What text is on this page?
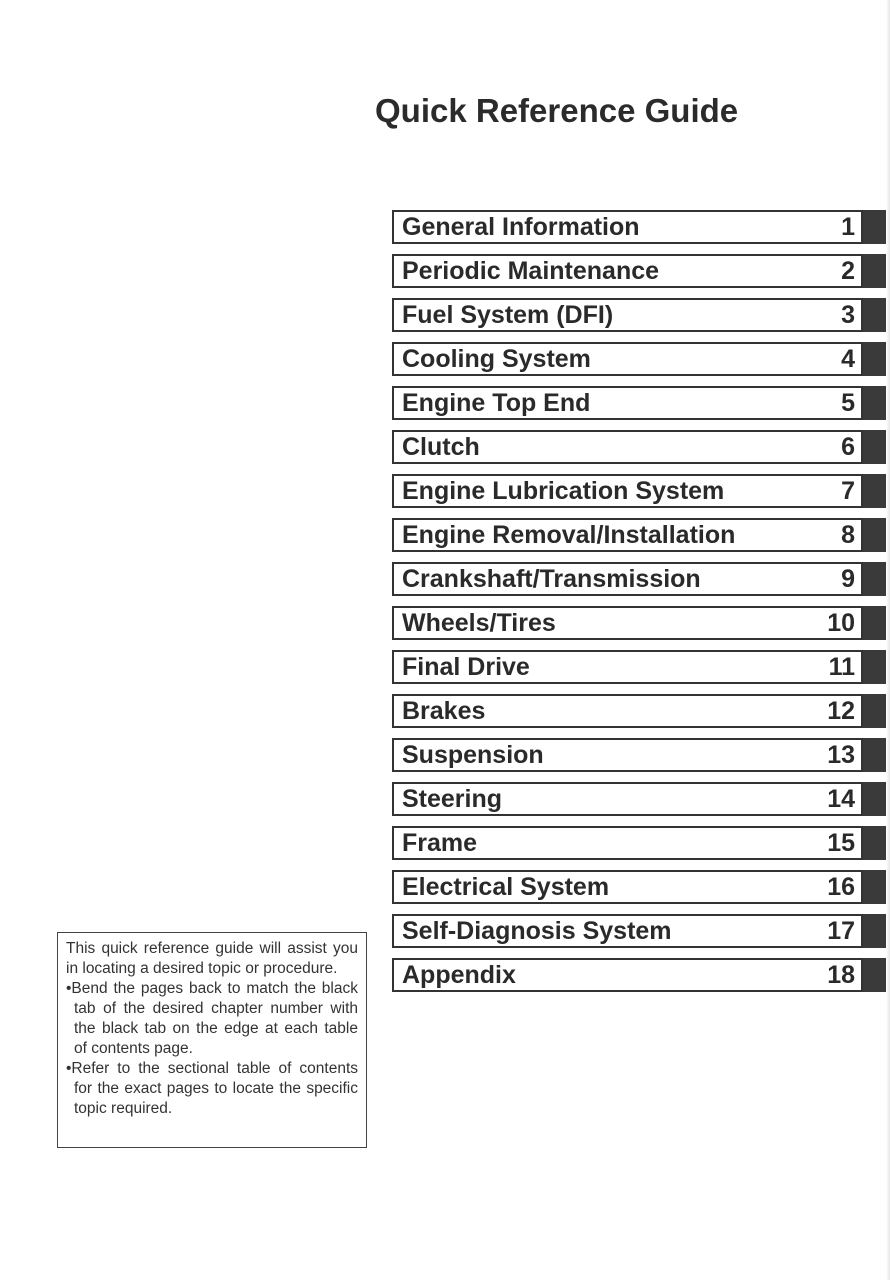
Quick Reference Guide
General Information	1
Periodic Maintenance	2
Fuel System (DFI)	3
Cooling System	4
Engine Top End	5
Clutch	6
Engine Lubrication System	7
Engine Removal/Installation	8
Crankshaft/Transmission	9
Wheels/Tires	10
Final Drive	11
Brakes	12
Suspension	13
Steering	14
Frame	15
Electrical System	16
Self-Diagnosis System	17
Appendix	18

This quick reference guide will assist you in locating a desired topic or procedure.

•Bend the pages back to match the black tab of the desired chapter number with the black tab on the edge at each table of contents page.

•Refer to the sectional table of contents for the exact pages to locate the specific topic required.
